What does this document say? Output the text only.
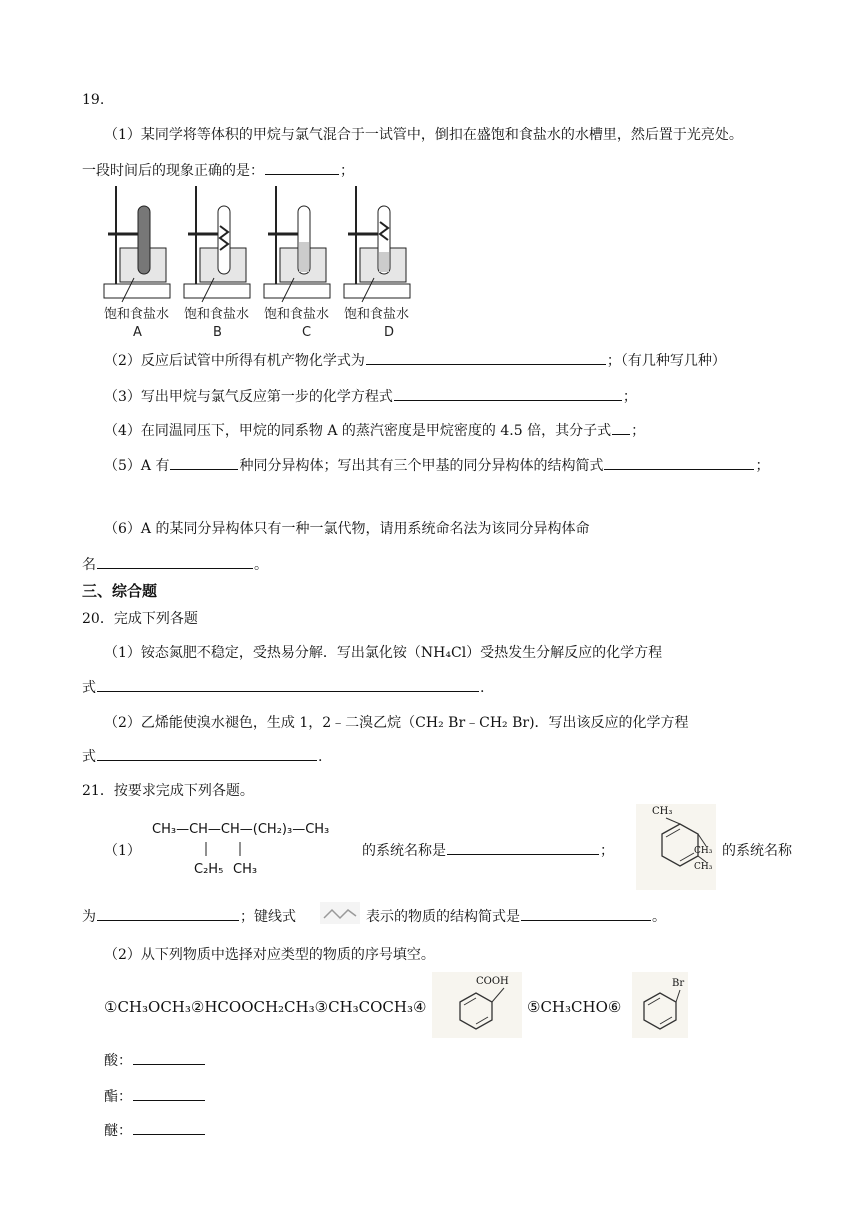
19.
（1）某同学将等体积的甲烷与氯气混合于一试管中，倒扣在盛饱和食盐水的水槽里，然后置于光亮处。
一段时间后的现象正确的是：	；
饱和食盐水 饱和食盐水 饱和食盐水 饱和食盐水
A	B	C	D
（2）反应后试管中所得有机产物化学式为	；（有几种写几种）
（3）写出甲烷与氯气反应第一步的化学方程式	；
（4）在同温同压下，甲烷的同系物 A 的蒸汽密度是甲烷密度的 4.5 倍，其分子式 ；
（5）A 有	种同分异构体；写出其有三个甲基的同分异构体的结构简式	；
（6）A 的某同分异构体只有一种一氯代物，请用系统命名法为该同分异构体命
名	。
三、综合题
20．完成下列各题
（1）铵态氮肥不稳定，受热易分解．写出氯化铵（NH₄Cl）受热发生分解反应的化学方程
式	.
（2）乙烯能使溴水褪色，生成 1，2﹣二溴乙烷（CH₂ Br﹣CH₂ Br)．写出该反应的化学方程
式	.
21．按要求完成下列各题。
（1）
CH₃—CH—CH—(CH₂)₃—CH₃
C₂H₅ CH₃
的系统名称是	；
CH₃
CH₃
CH₃
的系统名称
为	；键线式	表示的物质的结构简式是	。
（2）从下列物质中选择对应类型的物质的序号填空。
①CH₃OCH₃②HCOOCH₂CH₃③CH₃COCH₃④
COOH
⑤CH₃CHO⑥
Br
酸：
酯：
醚：
